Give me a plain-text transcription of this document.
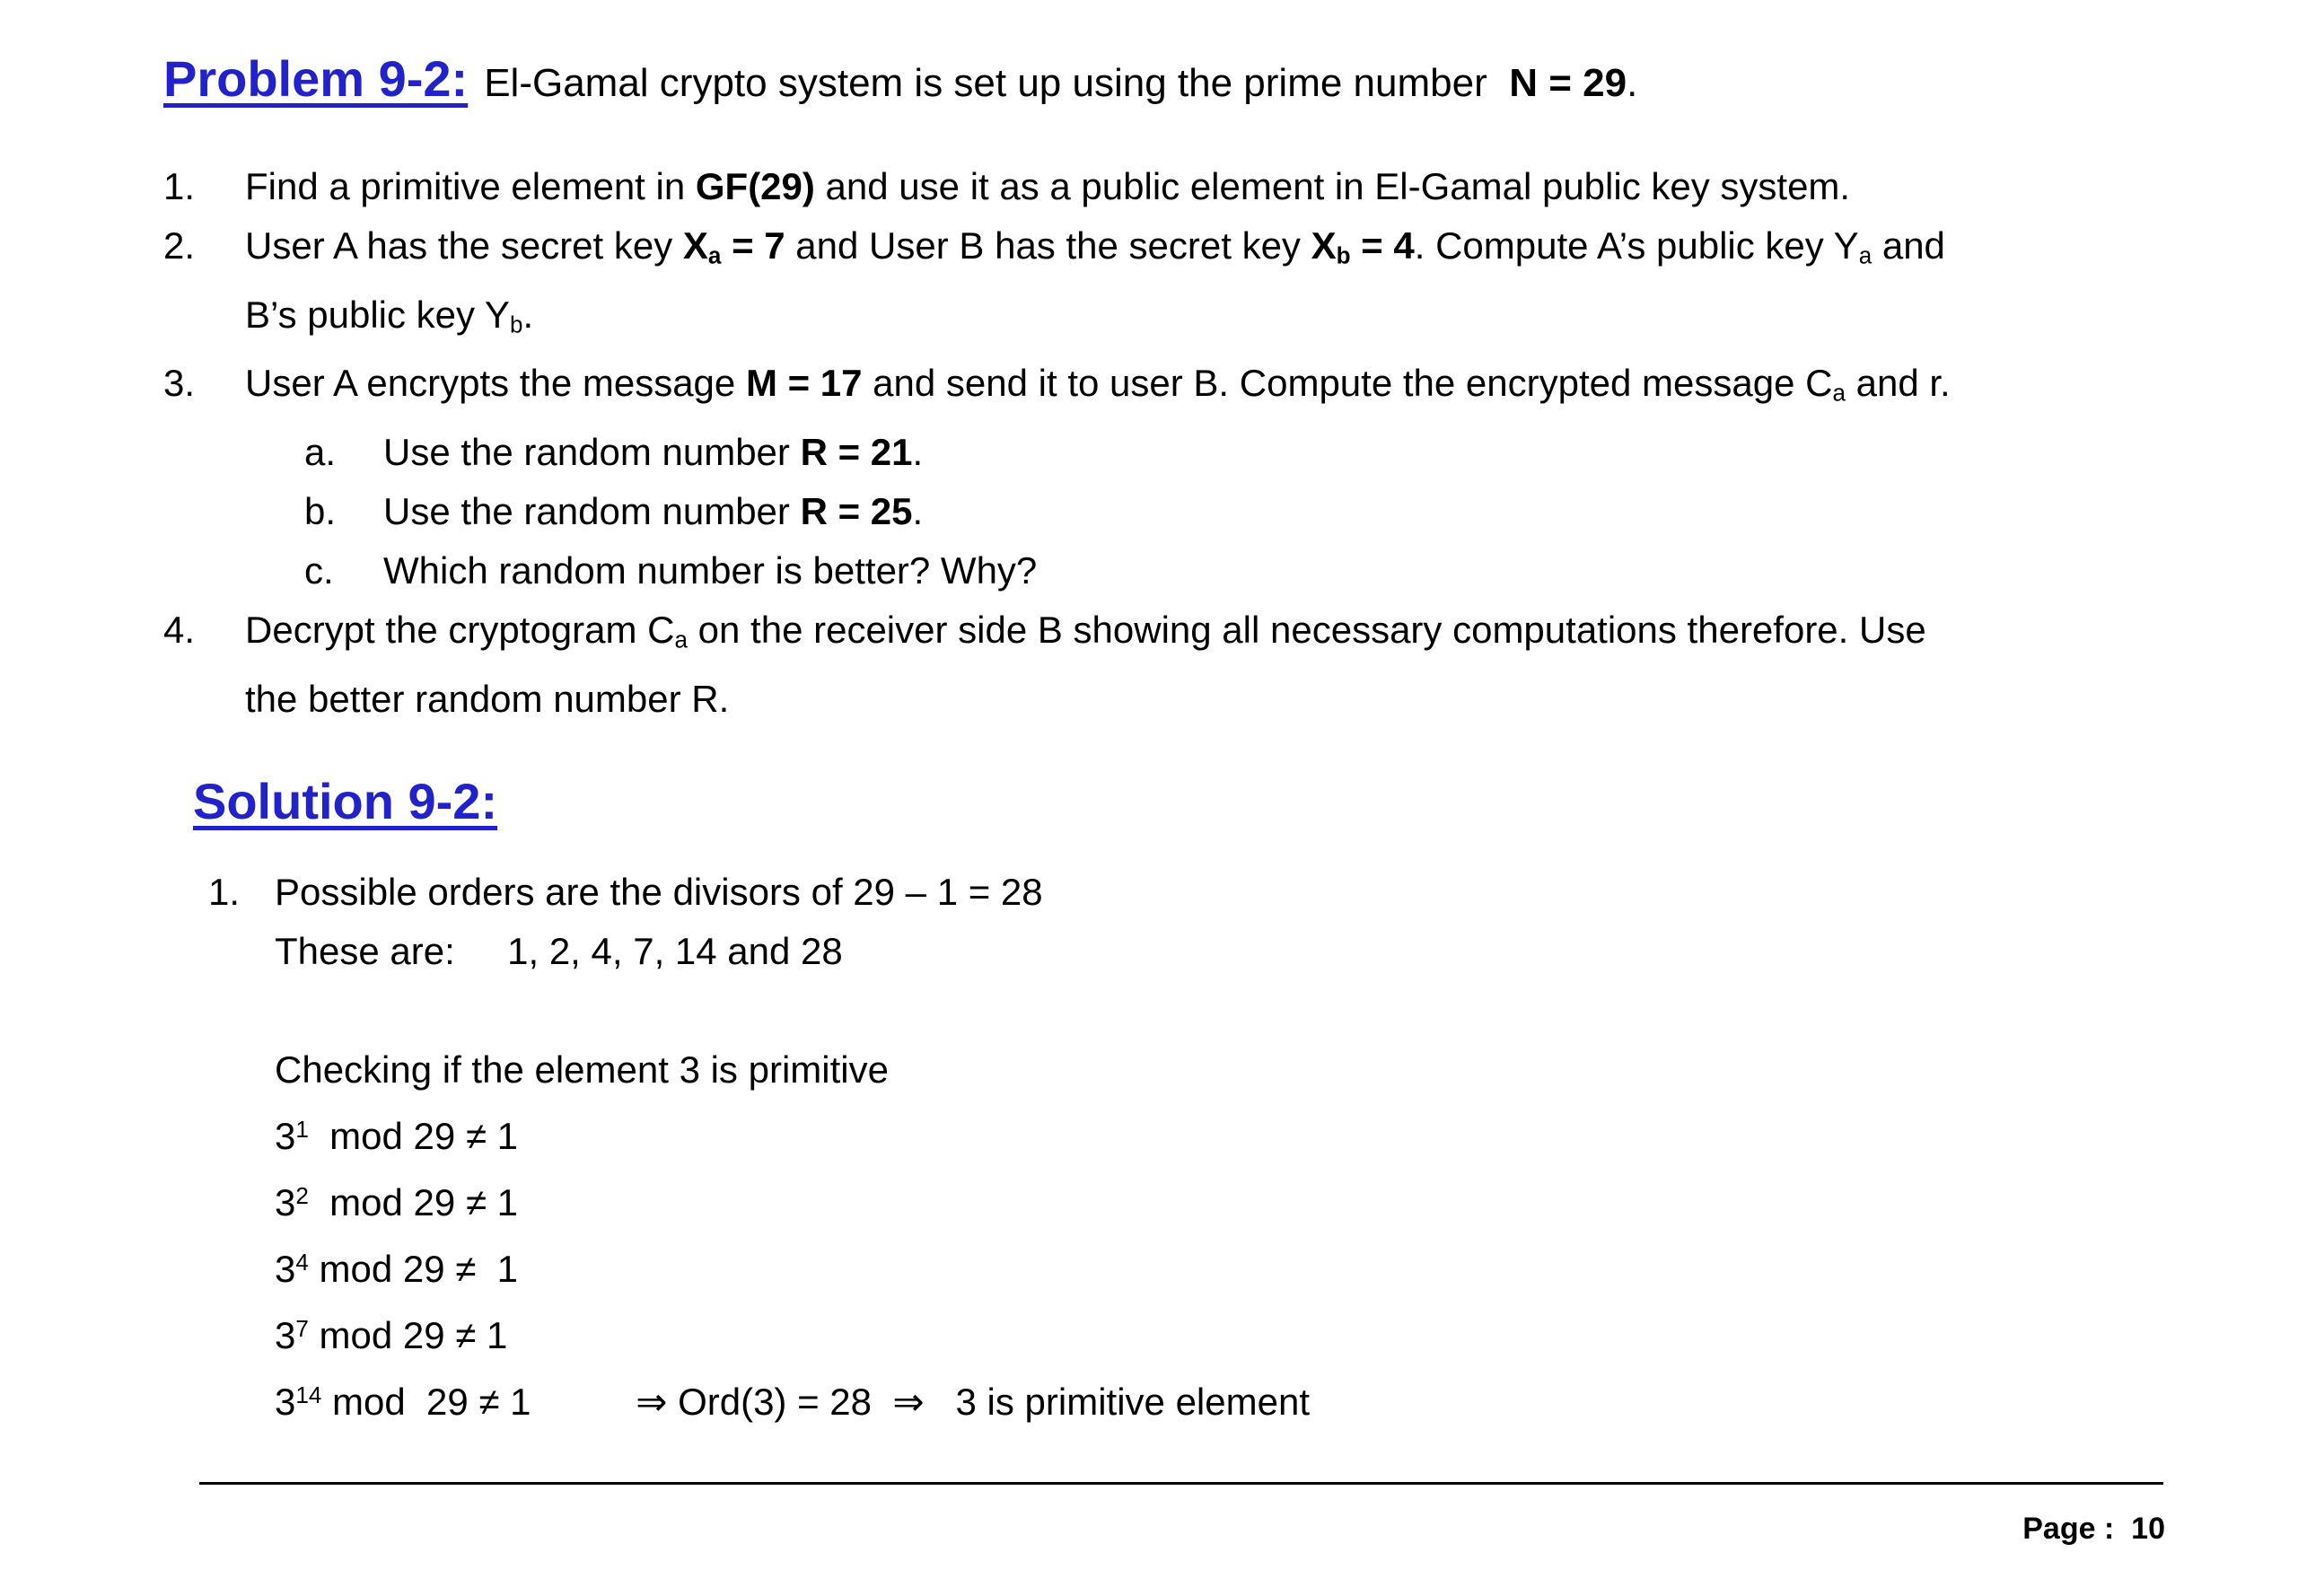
Problem 9-2: El-Gamal crypto system is set up using the prime number  N = 29.
1.	Find a primitive element in GF(29) and use it as a public element in El-Gamal public key system.
2.	User A has the secret key $X_a = 7$ and User B has the secret key $X_b = 4$. Compute A’s public key $Y_a$ and
B’s public key $Y_b$.
3.	User A encrypts the message M = 17 and send it to user B. Compute the encrypted message $C_a$ and r.
a.	Use the random number R = 21.
b.	Use the random number R = 25.
c.	Which random number is better? Why?
4.	Decrypt the cryptogram $C_a$ on the receiver side B showing all necessary computations therefore. Use
the better random number R.
Solution 9-2:
1. Possible orders are the divisors of 29 – 1 = 28
These are:     1, 2, 4, 7, 14 and 28
Checking if the element 3 is primitive
$3^1$  mod 29 ≠ 1
$3^2$  mod 29 ≠ 1
$3^4$ mod 29 ≠  1
$3^7$ mod 29 ≠ 1
$3^{14}$ mod  29 ≠ 1          ⇒ Ord(3) = 28  ⇒   3 is primitive element
Page :  10
